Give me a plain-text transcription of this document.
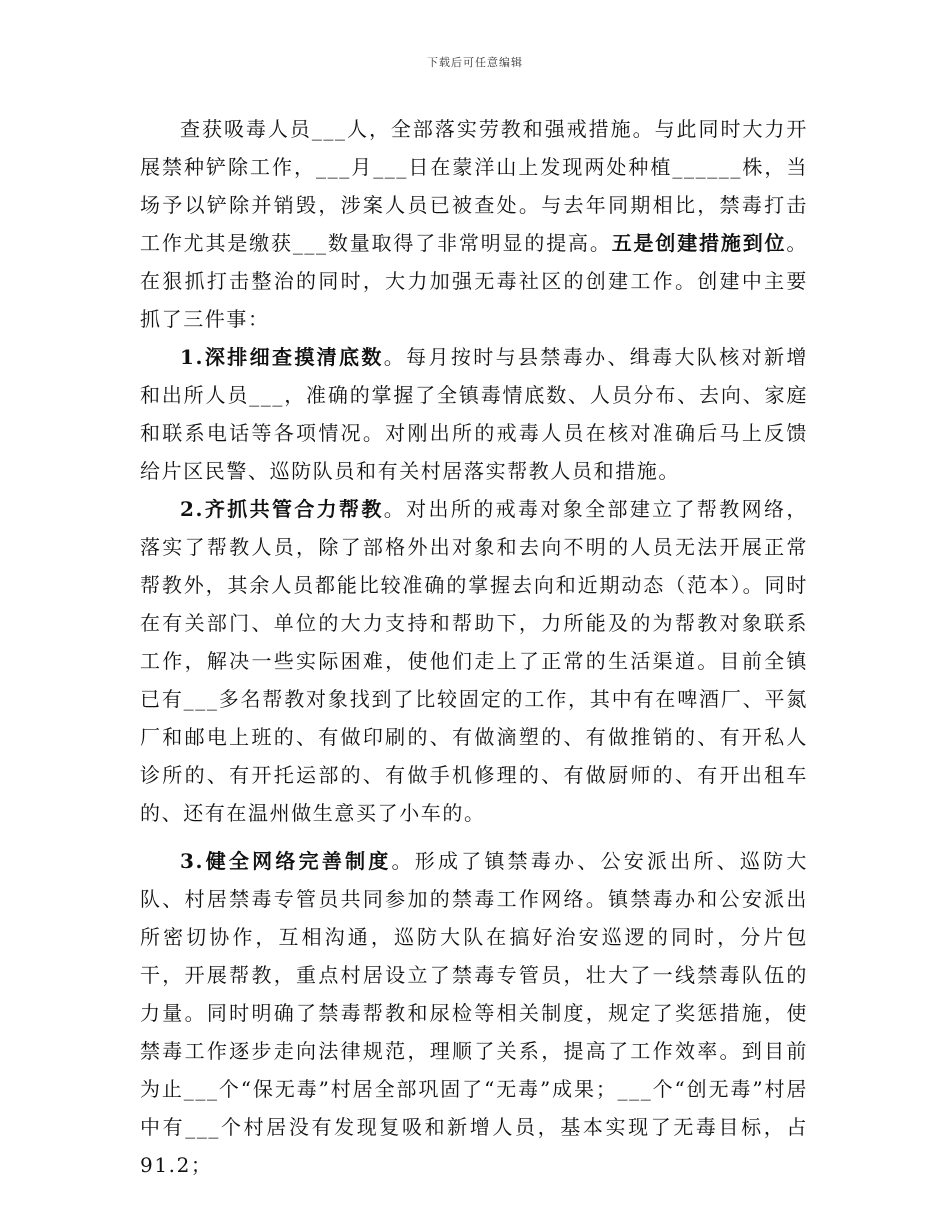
下载后可任意编辑

查获吸毒人员___人，全部落实劳教和强戒措施。与此同时大力开展禁种铲除工作，___月___日在蒙洋山上发现两处种植______株，当场予以铲除并销毁，涉案人员已被查处。与去年同期相比，禁毒打击工作尤其是缴获___数量取得了非常明显的提高。五是创建措施到位。在狠抓打击整治的同时，大力加强无毒社区的创建工作。创建中主要抓了三件事：

1.深排细查摸清底数。每月按时与县禁毒办、缉毒大队核对新增和出所人员___，准确的掌握了全镇毒情底数、人员分布、去向、家庭和联系电话等各项情况。对刚出所的戒毒人员在核对准确后马上反馈给片区民警、巡防队员和有关村居落实帮教人员和措施。

2.齐抓共管合力帮教。对出所的戒毒对象全部建立了帮教网络，落实了帮教人员，除了部格外出对象和去向不明的人员无法开展正常帮教外，其余人员都能比较准确的掌握去向和近期动态（范本）。同时在有关部门、单位的大力支持和帮助下，力所能及的为帮教对象联系工作，解决一些实际困难，使他们走上了正常的生活渠道。目前全镇已有___多名帮教对象找到了比较固定的工作，其中有在啤酒厂、平氮厂和邮电上班的、有做印刷的、有做滴塑的、有做推销的、有开私人诊所的、有开托运部的、有做手机修理的、有做厨师的、有开出租车的、还有在温州做生意买了小车的。

3.健全网络完善制度。形成了镇禁毒办、公安派出所、巡防大队、村居禁毒专管员共同参加的禁毒工作网络。镇禁毒办和公安派出所密切协作，互相沟通，巡防大队在搞好治安巡逻的同时，分片包干，开展帮教，重点村居设立了禁毒专管员，壮大了一线禁毒队伍的力量。同时明确了禁毒帮教和尿检等相关制度，规定了奖惩措施，使禁毒工作逐步走向法律规范，理顺了关系，提高了工作效率。到目前为止___个“保无毒”村居全部巩固了“无毒”成果；___个“创无毒”村居中有___个村居没有发现复吸和新增人员，基本实现了无毒目标，占91.2；
